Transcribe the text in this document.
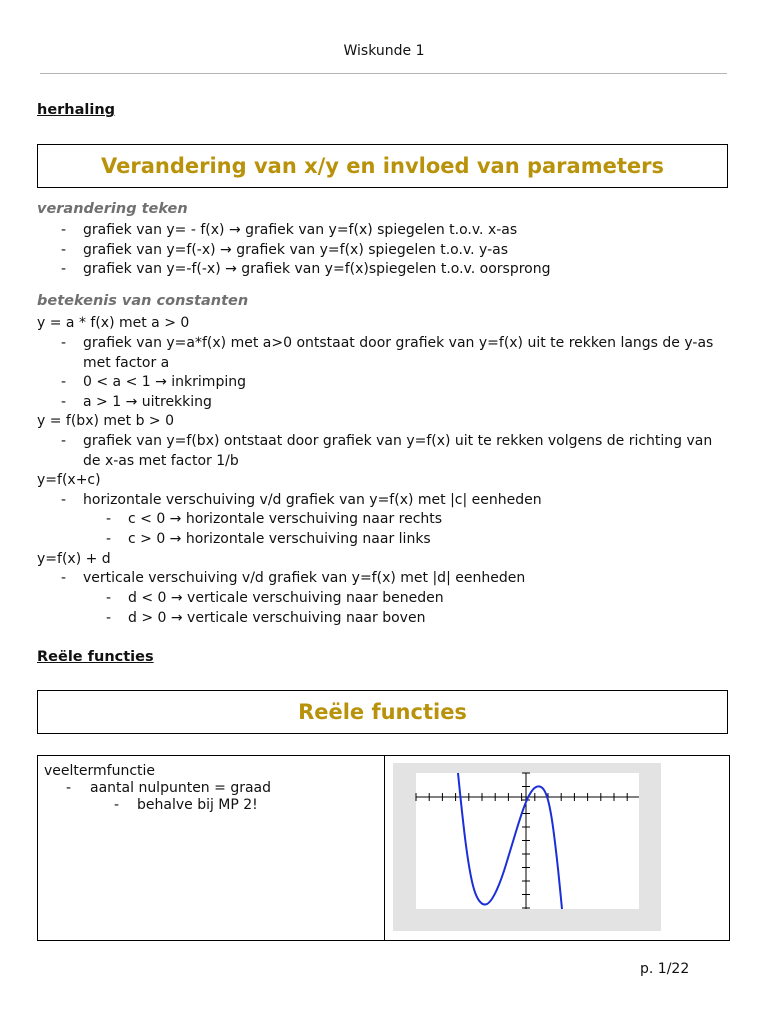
Wiskunde 1
herhaling
Verandering van x/y en invloed van parameters
verandering teken
- grafiek van y= - f(x) → grafiek van y=f(x) spiegelen t.o.v. x-as
- grafiek van y=f(-x) → grafiek van y=f(x) spiegelen t.o.v. y-as
- grafiek van y=-f(-x) → grafiek van y=f(x)spiegelen t.o.v. oorsprong
betekenis van constanten
y = a * f(x) met a > 0
- grafiek van y=a*f(x) met a>0 ontstaat door grafiek van y=f(x) uit te rekken langs de y-as met factor a
- 0 < a < 1 → inkrimping
- a > 1 → uitrekking
y = f(bx) met b > 0
- grafiek van y=f(bx) ontstaat door grafiek van y=f(x) uit te rekken volgens de richting van de x-as met factor 1/b
y=f(x+c)
- horizontale verschuiving v/d grafiek van y=f(x) met |c| eenheden
- c < 0 → horizontale verschuiving naar rechts
- c > 0 → horizontale verschuiving naar links
y=f(x) + d
- verticale verschuiving v/d grafiek van y=f(x) met |d| eenheden
- d < 0 → verticale verschuiving naar beneden
- d > 0 → verticale verschuiving naar boven
Reële functies
Reële functies
veeltermfunctie
- aantal nulpunten = graad
- behalve bij MP 2!

p. 1/22
